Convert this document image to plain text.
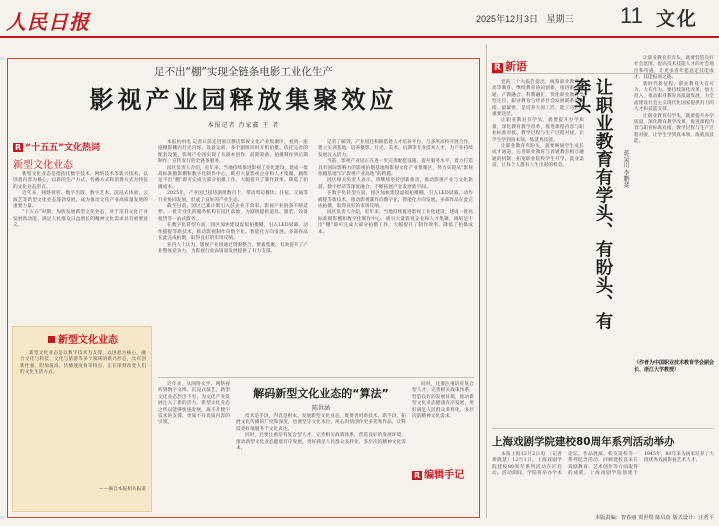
人民日报	2025年12月3日 星期三 11 文化
足不出“棚”实现全链条电影工业化生产
影视产业园释放集聚效应
本报记者 肖家鑫 王 者
R “十五五”文化热词
新型文化业态

新型文化业态是指依托数字技术、网络技术等新兴技术，以创意内容为核心，以新的生产方式、传播方式和消费方式为特征的文化业态形式。

近年来，网络视听、数字出版、数字艺术、沉浸式体验、云演艺等新型文化业态蓬勃发展，成为推动文化产业高质量发展的重要力量。

“十五五”时期，加快发展新型文化业态，对于培育文化产业发展新动能、满足人民群众日益增长的精神文化需求具有重要意义。

新型文化业态

新型文化业态是以数字技术为支撑，以创意为核心，融合文化与科技、文化与旅游等多个领域的新兴形态，具有创新性强、附加值高、传播速度快等特点，正在深刻改变人们的文化生活方式。

——摘自本报相关报道

本报杭州电 记者日前走进浙江横店影视文化产业集聚区，看到一座座摄影棚内灯光闪烁、设备运转，多个剧组同时开机拍摄。依托完善的配套设施，影视产业园实现了从剧本创作、前期筹备、拍摄制作到后期制作、宣传发行的全链条服务。

园区负责人介绍，近年来，当地持续推进影视工业化建设，建成一批高标准摄影棚和数字化制作中心，吸引大量影视企业和人才集聚。剧组足不出“棚”即可完成大部分拍摄工作，大幅提升了制作效率、降低了拍摄成本。

2025年，产业园已接待剧组数百个，带动周边餐饮、住宿、交通等行业协同发展，形成了良好的产业生态。

截至目前，园区已累计吸引入驻企业千余家，影视产业链条不断延伸。一批专业化的服务机构在园区落地，为剧组提供道具、服装、设备租赁等一站式服务。

在数字化转型方面，园区加快建设虚拟拍摄棚，引入LED屏幕、动作捕捉等新技术，推动影视制作向数字化、智能化方向发展。多部作品在此完成拍摄，取得良好的市场反响。

业内人士认为，影视产业园通过资源整合、要素集聚，有效提升了产业整体竞争力，为影视行业高质量发展提供了有力支撑。

记者了解到，产业园还积极搭建人才培养平台，与多所高校开展合作，建立实训基地，培养摄影、灯光、美术、后期等专业技术人才，为产业持续发展注入活力。

当前，影视产业园正在进一步完善配套设施，提升服务水平，着力打造具有国际影响力的影视拍摄基地和影视文化产业集聚区，努力实现从“影视拍摄基地”向“影视产业高地”的跨越。

园区相关负责人表示，将继续坚持创新驱动，推动影视产业与文化旅游、数字经济等深度融合，不断拓展产业发展新空间。

在数字化转型方面，园区加快建设虚拟拍摄棚，引入LED屏幕、动作捕捉等新技术，推动影视制作向数字化、智能化方向发展。多部作品在此完成拍摄，取得良好的市场反响。

园区负责人介绍，近年来，当地持续推进影视工业化建设，建成一批高标准摄影棚和数字化制作中心，吸引大量影视企业和人才集聚。剧组足不出“棚”即可完成大部分拍摄工作，大幅提升了制作效率、降低了拍摄成本。

近年来，从网络文学、网络视听到数字文博、沉浸式演艺，新型文化业态层出不穷，为文化产业发展注入了新的活力。新型文化业态之所以能够快速发展，离不开数字技术的支撑，更离不开优质内容的引领。

解码新型文化业态的“算法”
陈世涵

技术是手段，内容是根本。发展新型文化业态，既要善用新技术、新手段，拓展文化传播的广度和深度，也要坚守文化本位，用心用情创作更多优秀作品，让科技更好地服务于文化表达。

同时，还要注重培育复合型人才，完善相关政策体系，营造良好的发展环境，推动新型文化业态健康有序发展，更好满足人民群众多样化、多层次的精神文化需求。

同时，还要注重培育复合型人才，完善相关政策体系，营造良好的发展环境，推动新型文化业态健康有序发展，更好满足人民群众多样化、多层次的精神文化需求。

R 编辑手记
R 新语

党的二十大报告提出，统筹职业教育、高等教育、继续教育协同创新，推进职普融通、产教融合、科教融汇，优化职业教育类型定位。职业教育与经济社会发展联系最直接、最紧密，是培养大国工匠、能工巧匠的重要途径。

让职业教育有学头，就要提升办学质量，深化教育教学改革，推进课程内容与职业标准对接、教学过程与生产过程对接，让学生学到真本领、练就真技能。

让职业教育有盼头，就要畅通学生成长成才通道，完善职业教育与普通教育相互融通的机制，拓宽职业院校学生升学、就业渠道，让每个人都有人生出彩的机会。	让职业教育有学头、有盼头、有奔头
蒋昊川 李鹏斐

让职业教育有奔头，就要营造良好社会氛围，提高技术技能人才的社会地位和待遇，让更多青年愿意走技能成才、技能报国之路。

新时代新征程，职业教育大有可为、大有作为。要持续深化改革、加大投入，推动职业教育高质量发展，为全面建设社会主义现代化国家提供有力的人才和技能支撑。

让职业教育有学头，就要提升办学质量，深化教育教学改革，推进课程内容与职业标准对接、教学过程与生产过程对接，让学生学到真本领、练就真技能。

（作者为中国职业技术教育学会副会长、浙江大学教授）
上海戏剧学院建校80周年系列活动举办

本报上海12月2日电 （记者黄晓慧）12月1日，上海戏剧学院建校80周年系列活动在沪启动。活动期间，学院将举办学术论坛、作品展演、校友返校等一系列纪念活动，回顾建校以来在戏剧教育、艺术创作等方面取得的成就。上海戏剧学院创建于1945年，80年来为国家培养了大批优秀戏剧影视艺术人才。

本版责编：智春丽 贾世煜 陈贝蓓 版式设计：汪哲平
